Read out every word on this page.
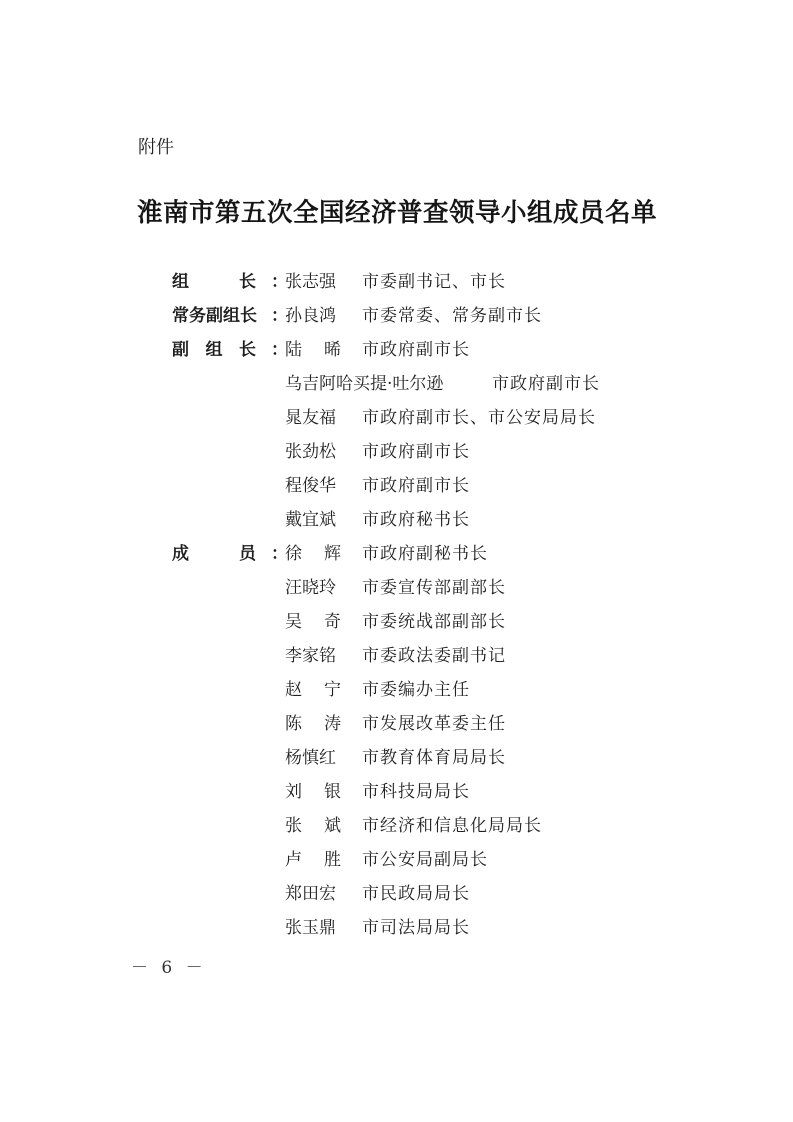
附件
淮南市第五次全国经济普查领导小组成员名单
组长 ：
张志强 市委副书记、市长
常务副组长 ：
孙良鸿 市委常委、常务副市长
副组长 ：
陆晞 市政府副市长
乌吉阿哈买提·吐尔逊	市政府副市长
晁友福 市政府副市长、市公安局局长
张劲松 市政府副市长
程俊华 市政府副市长
戴宜斌 市政府秘书长
成员 ：
徐辉 市政府副秘书长
汪晓玲 市委宣传部副部长
吴奇 市委统战部副部长
李家铭 市委政法委副书记
赵宁 市委编办主任
陈涛 市发展改革委主任
杨慎红 市教育体育局局长
刘银 市科技局局长
张斌 市经济和信息化局局长
卢胜 市公安局副局长
郑田宏 市民政局局长
张玉鼎 市司法局局长
－ 6 －
